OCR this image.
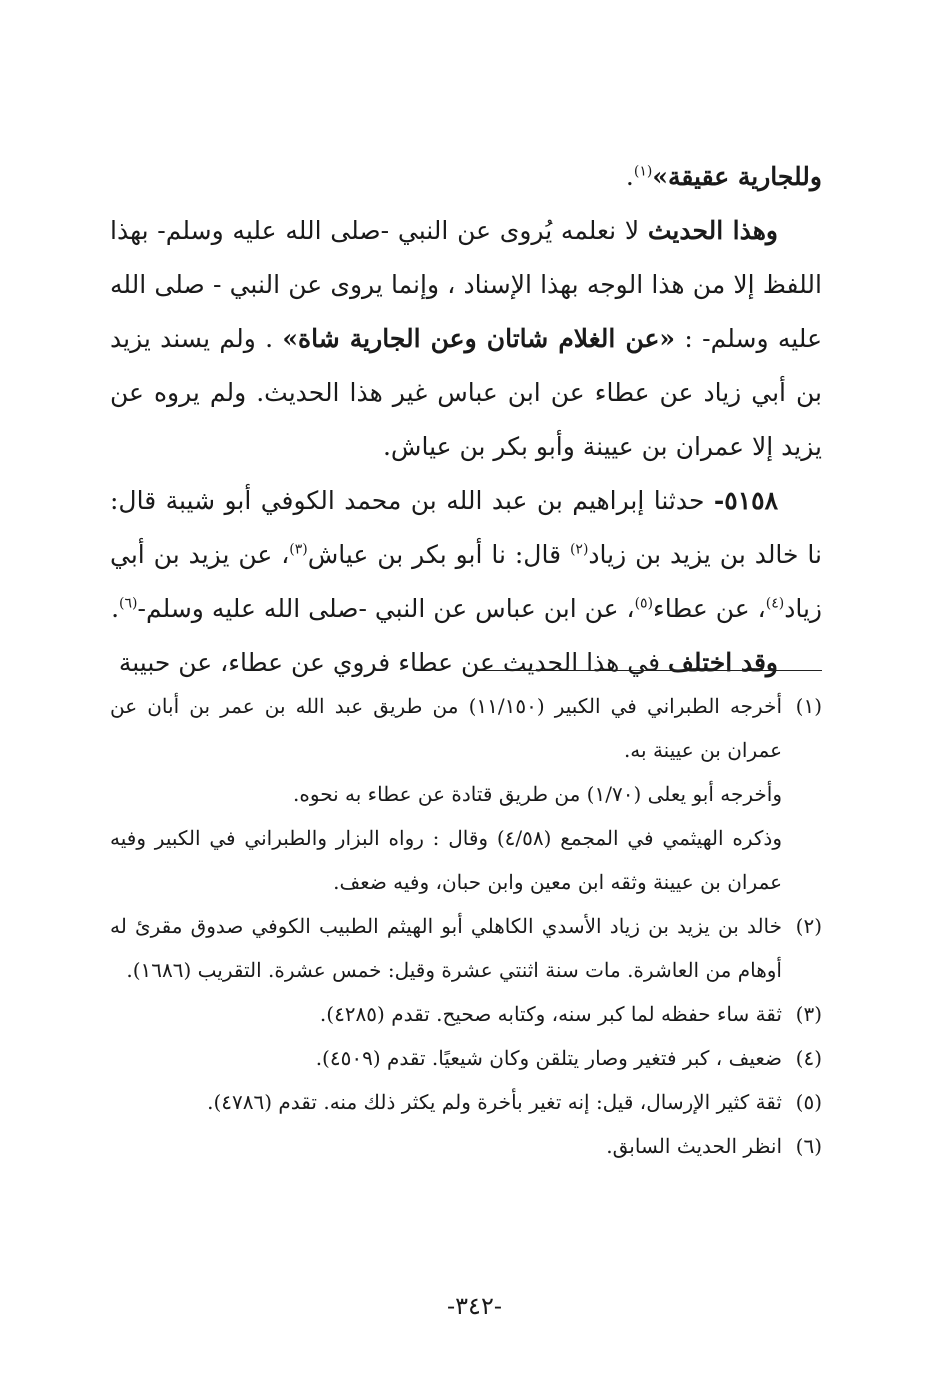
وللجارية عقيقة»$^{(١)}$.

وهذا الحديث لا نعلمه يُروى عن النبي -صلى الله عليه وسلم- بهذا اللفظ إلا من هذا الوجه بهذا الإسناد ، وإنما يروى عن النبي - صلى الله عليه وسلم- : «عن الغلام شاتان وعن الجارية شاة» . ولم يسند يزيد بن أبي زياد عن عطاء عن ابن عباس غير هذا الحديث. ولم يروه عن يزيد إلا عمران بن عيينة وأبو بكر بن عياش.

٥١٥٨- حدثنا إبراهيم بن عبد الله بن محمد الكوفي أبو شيبة قال: نا خالد بن يزيد بن زياد$^{(٢)}$ قال: نا أبو بكر بن عياش$^{(٣)}$، عن يزيد بن أبي زياد$^{(٤)}$، عن عطاء$^{(٥)}$، عن ابن عباس عن النبي -صلى الله عليه وسلم-$^{(٦)}$.

وقد اختلف في هذا الحديث عن عطاء فروي عن عطاء، عن حبيبة

(١)
أخرجه الطبراني في الكبير (١١/١٥٠) من طريق عبد الله بن عمر بن أبان عن عمران بن عيينة به.
وأخرجه أبو يعلى (١/٧٠) من طريق قتادة عن عطاء به نحوه.
وذكره الهيثمي في المجمع (٤/٥٨) وقال : رواه البزار والطبراني في الكبير وفيه عمران بن عيينة وثقه ابن معين وابن حبان، وفيه ضعف.
(٢)
خالد بن يزيد بن زياد الأسدي الكاهلي أبو الهيثم الطبيب الكوفي صدوق مقرئ له أوهام من العاشرة. مات سنة اثنتي عشرة وقيل: خمس عشرة. التقريب (١٦٨٦).
(٣)
ثقة ساء حفظه لما كبر سنه، وكتابه صحيح. تقدم (٤٢٨٥).
(٤)
ضعيف ، كبر فتغير وصار يتلقن وكان شيعيًا. تقدم (٤٥٠٩).
(٥)
ثقة كثير الإرسال، قيل: إنه تغير بأخرة ولم يكثر ذلك منه. تقدم (٤٧٨٦).
(٦)
انظر الحديث السابق.
-٣٤٢-
